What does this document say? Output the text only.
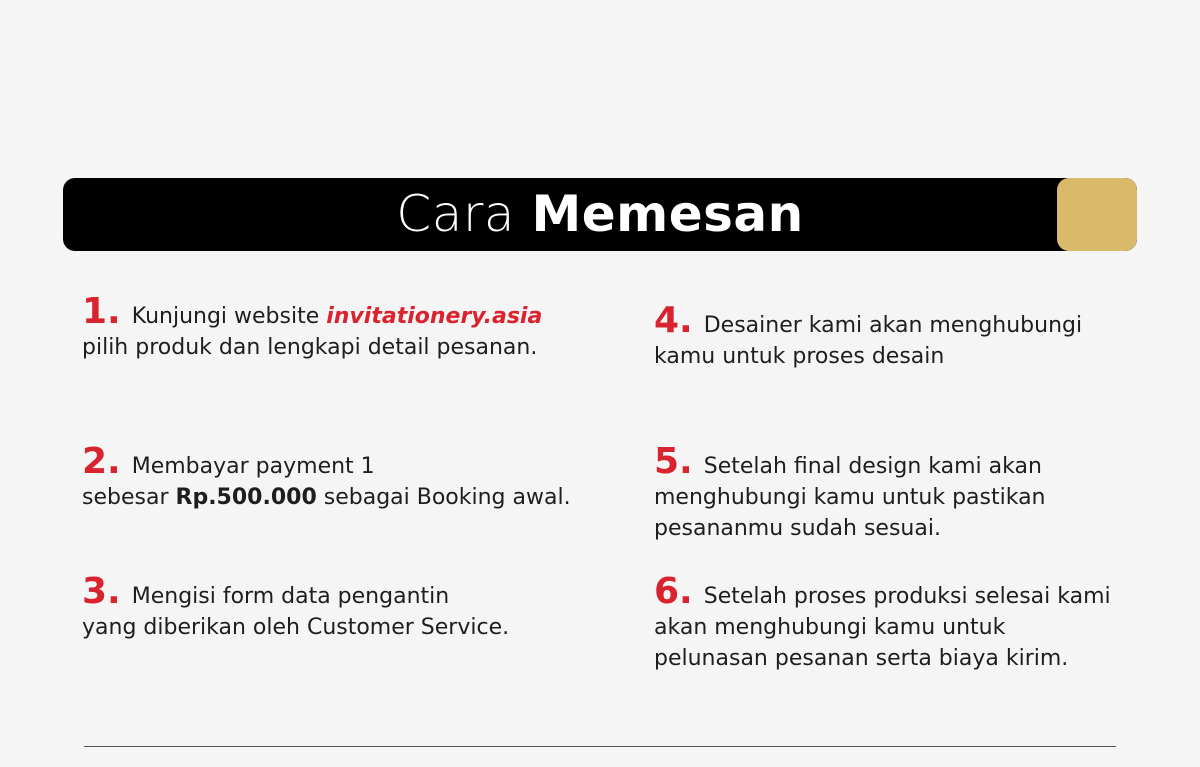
Cara Memesan
1. Kunjungi website invitationery.asia
pilih produk dan lengkapi detail pesanan.
2. Membayar payment 1
sebesar Rp.500.000 sebagai Booking awal.
3. Mengisi form data pengantin
yang diberikan oleh Customer Service.
4. Desainer kami akan menghubungi
kamu untuk proses desain
5. Setelah final design kami akan
menghubungi kamu untuk pastikan
pesananmu sudah sesuai.
6. Setelah proses produksi selesai kami
akan menghubungi kamu untuk
pelunasan pesanan serta biaya kirim.
